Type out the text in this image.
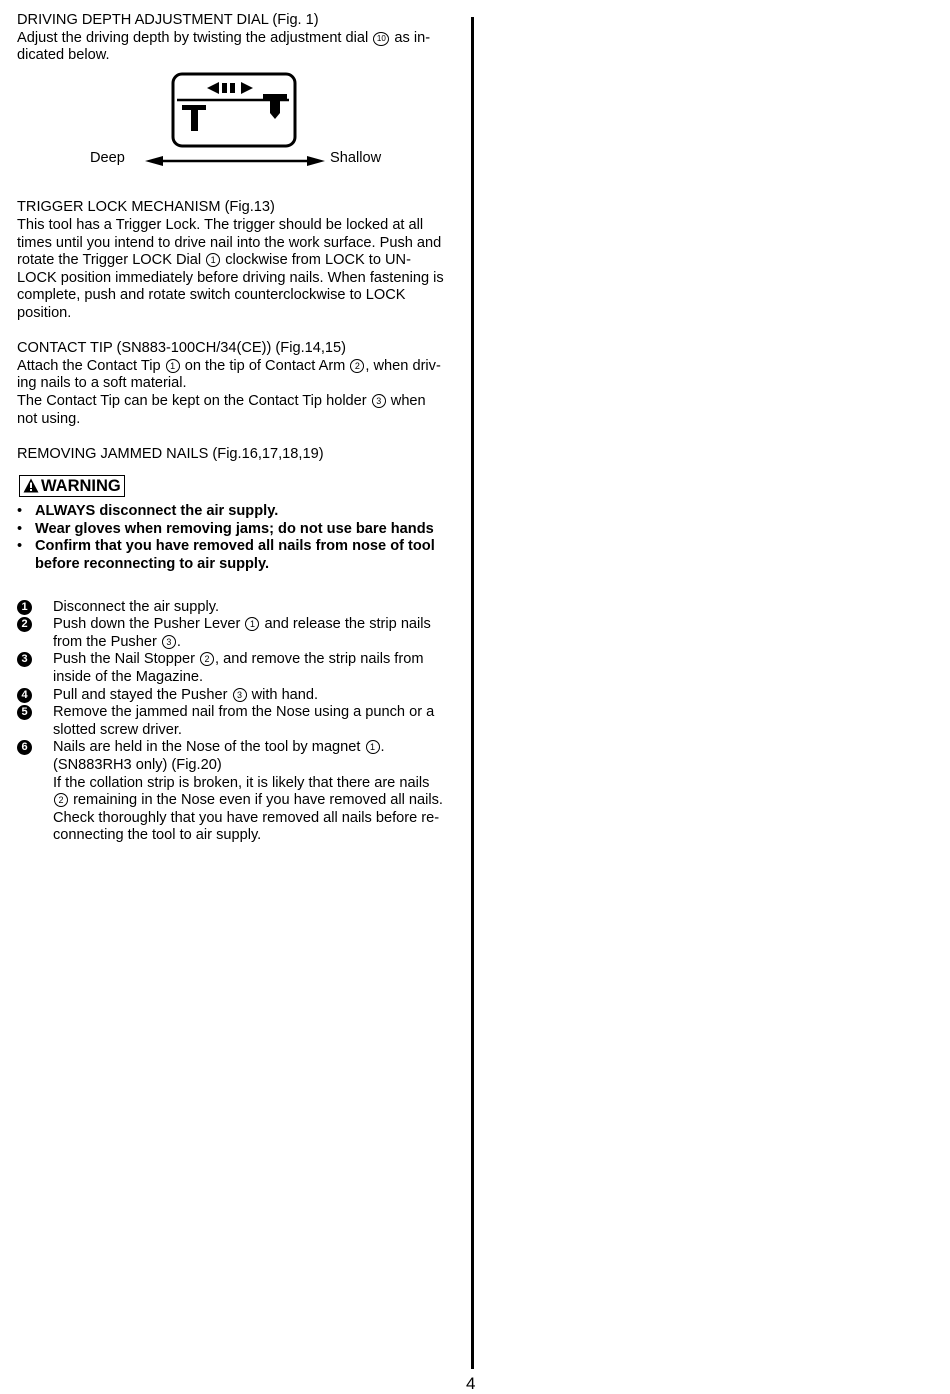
DRIVING DEPTH ADJUSTMENT DIAL (Fig. 1)

Adjust the driving depth by twisting the adjustment dial 10 as in-dicated below.

Deep	Shallow

TRIGGER LOCK MECHANISM (Fig.13)

This tool has a Trigger Lock. The trigger should be locked at all times until you intend to drive nail into the work surface. Push and rotate the Trigger LOCK Dial 1 clockwise from LOCK to UN-LOCK position immediately before driving nails. When fastening is complete, push and rotate switch counterclockwise to LOCK position.

CONTACT TIP (SN883-100CH/34(CE)) (Fig.14,15)

Attach the Contact Tip 1 on the tip of Contact Arm 2 , when driv-ing nails to a soft material.

The Contact Tip can be kept on the Contact Tip holder 3 when not using.

REMOVING JAMMED NAILS (Fig.16,17,18,19)

WARNING
• ALWAYS disconnect the air supply.
• Wear gloves when removing jams; do not use bare hands
• Confirm that you have removed all nails from nose of tool before reconnecting to air supply.
1	Disconnect the air supply.
2	Push down the Pusher Lever 1 and release the strip nails from the Pusher 3 .
3	Push the Nail Stopper 2 , and remove the strip nails from inside of the Magazine.
4	Pull and stayed the Pusher 3 with hand.
5	Remove the jammed nail from the Nose using a punch or a slotted screw driver.
6	Nails are held in the Nose of the tool by magnet 1 .
(SN883RH3 only) (Fig.20)
If the collation strip is broken, it is likely that there are nails 2 remaining in the Nose even if you have removed all nails.
Check thoroughly that you have removed all nails before re-connecting the tool to air supply.
4
